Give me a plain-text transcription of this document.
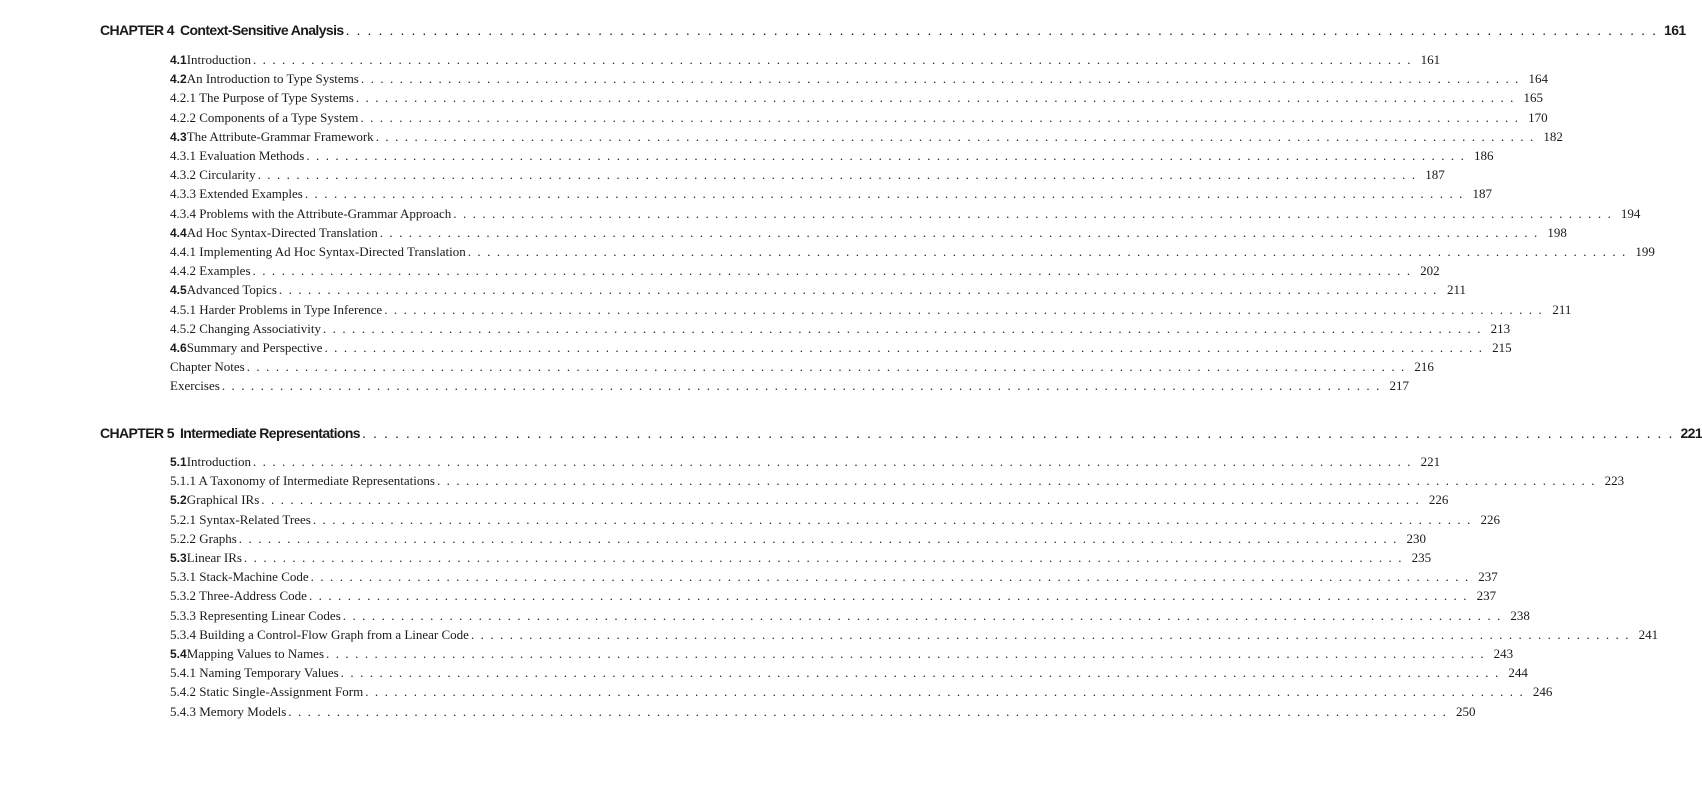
CHAPTER 4 Context-Sensitive Analysis . . . . . . . . . . . . . . . . . . . . . . . . . . . . . . . . . . . . . . . . . . . . . . . . . . . . . . . . . . . . . . . . . . . . . . . . . . . . . . . . . . . . . . . . . . . . . . . . . . . . . . . . . . . . . . . . . . . . . . . . 161
4.1 Introduction . . . . . . . . . . . . . . . . . . . . . . . . . . . . . . . . . . . . . . . . . . . . . . . . . . . . . . . . . . . . . . . . . . . . . . . . . . . . . . . . . . . . . . . . . . . . . . . . . . . . . . . . . . . . . . . . . . . . . . . . 161
4.2 An Introduction to Type Systems . . . . . . . . . . . . . . . . . . . . . . . . . . . . . . . . . . . . . . . . . . . . . . . . . . . . . . . . . . . . . . . . . . . . . . . . . . . . . . . . . . . . . . . . . . . . . . . . . . . . . . . . . . . . . . . . . . . . . . . . 164
4.2.1 The Purpose of Type Systems . . . . . . . . . . . . . . . . . . . . . . . . . . . . . . . . . . . . . . . . . . . . . . . . . . . . . . . . . . . . . . . . . . . . . . . . . . . . . . . . . . . . . . . . . . . . . . . . . . . . . . . . . . . . . . . . . . . . . . . . 165
4.2.2 Components of a Type System . . . . . . . . . . . . . . . . . . . . . . . . . . . . . . . . . . . . . . . . . . . . . . . . . . . . . . . . . . . . . . . . . . . . . . . . . . . . . . . . . . . . . . . . . . . . . . . . . . . . . . . . . . . . . . . . . . . . . . . . 170
4.3 The Attribute-Grammar Framework . . . . . . . . . . . . . . . . . . . . . . . . . . . . . . . . . . . . . . . . . . . . . . . . . . . . . . . . . . . . . . . . . . . . . . . . . . . . . . . . . . . . . . . . . . . . . . . . . . . . . . . . . . . . . . . . . . . . . . . . 182
4.3.1 Evaluation Methods . . . . . . . . . . . . . . . . . . . . . . . . . . . . . . . . . . . . . . . . . . . . . . . . . . . . . . . . . . . . . . . . . . . . . . . . . . . . . . . . . . . . . . . . . . . . . . . . . . . . . . . . . . . . . . . . . . . . . . . . 186
4.3.2 Circularity . . . . . . . . . . . . . . . . . . . . . . . . . . . . . . . . . . . . . . . . . . . . . . . . . . . . . . . . . . . . . . . . . . . . . . . . . . . . . . . . . . . . . . . . . . . . . . . . . . . . . . . . . . . . . . . . . . . . . . . . 187
4.3.3 Extended Examples . . . . . . . . . . . . . . . . . . . . . . . . . . . . . . . . . . . . . . . . . . . . . . . . . . . . . . . . . . . . . . . . . . . . . . . . . . . . . . . . . . . . . . . . . . . . . . . . . . . . . . . . . . . . . . . . . . . . . . . . 187
4.3.4 Problems with the Attribute-Grammar Approach . . . . . . . . . . . . . . . . . . . . . . . . . . . . . . . . . . . . . . . . . . . . . . . . . . . . . . . . . . . . . . . . . . . . . . . . . . . . . . . . . . . . . . . . . . . . . . . . . . . . . . . . . . . . . . . . . . . . . . . . 194
4.4 Ad Hoc Syntax-Directed Translation . . . . . . . . . . . . . . . . . . . . . . . . . . . . . . . . . . . . . . . . . . . . . . . . . . . . . . . . . . . . . . . . . . . . . . . . . . . . . . . . . . . . . . . . . . . . . . . . . . . . . . . . . . . . . . . . . . . . . . . . 198
4.4.1 Implementing Ad Hoc Syntax-Directed Translation . . . . . . . . . . . . . . . . . . . . . . . . . . . . . . . . . . . . . . . . . . . . . . . . . . . . . . . . . . . . . . . . . . . . . . . . . . . . . . . . . . . . . . . . . . . . . . . . . . . . . . . . . . . . . . . . . . . . . . . . 199
4.4.2 Examples . . . . . . . . . . . . . . . . . . . . . . . . . . . . . . . . . . . . . . . . . . . . . . . . . . . . . . . . . . . . . . . . . . . . . . . . . . . . . . . . . . . . . . . . . . . . . . . . . . . . . . . . . . . . . . . . . . . . . . . . 202
4.5 Advanced Topics . . . . . . . . . . . . . . . . . . . . . . . . . . . . . . . . . . . . . . . . . . . . . . . . . . . . . . . . . . . . . . . . . . . . . . . . . . . . . . . . . . . . . . . . . . . . . . . . . . . . . . . . . . . . . . . . . . . . . . . . 211
4.5.1 Harder Problems in Type Inference . . . . . . . . . . . . . . . . . . . . . . . . . . . . . . . . . . . . . . . . . . . . . . . . . . . . . . . . . . . . . . . . . . . . . . . . . . . . . . . . . . . . . . . . . . . . . . . . . . . . . . . . . . . . . . . . . . . . . . . . 211
4.5.2 Changing Associativity . . . . . . . . . . . . . . . . . . . . . . . . . . . . . . . . . . . . . . . . . . . . . . . . . . . . . . . . . . . . . . . . . . . . . . . . . . . . . . . . . . . . . . . . . . . . . . . . . . . . . . . . . . . . . . . . . . . . . . . . 213
4.6 Summary and Perspective . . . . . . . . . . . . . . . . . . . . . . . . . . . . . . . . . . . . . . . . . . . . . . . . . . . . . . . . . . . . . . . . . . . . . . . . . . . . . . . . . . . . . . . . . . . . . . . . . . . . . . . . . . . . . . . . . . . . . . . . 215
Chapter Notes . . . . . . . . . . . . . . . . . . . . . . . . . . . . . . . . . . . . . . . . . . . . . . . . . . . . . . . . . . . . . . . . . . . . . . . . . . . . . . . . . . . . . . . . . . . . . . . . . . . . . . . . . . . . . . . . . . . . . . . . 216
Exercises . . . . . . . . . . . . . . . . . . . . . . . . . . . . . . . . . . . . . . . . . . . . . . . . . . . . . . . . . . . . . . . . . . . . . . . . . . . . . . . . . . . . . . . . . . . . . . . . . . . . . . . . . . . . . . . . . . . . . . . . 217
CHAPTER 5 Intermediate Representations . . . . . . . . . . . . . . . . . . . . . . . . . . . . . . . . . . . . . . . . . . . . . . . . . . . . . . . . . . . . . . . . . . . . . . . . . . . . . . . . . . . . . . . . . . . . . . . . . . . . . . . . . . . . . . . . . . . . . . . . 221
5.1 Introduction . . . . . . . . . . . . . . . . . . . . . . . . . . . . . . . . . . . . . . . . . . . . . . . . . . . . . . . . . . . . . . . . . . . . . . . . . . . . . . . . . . . . . . . . . . . . . . . . . . . . . . . . . . . . . . . . . . . . . . . . 221
5.1.1 A Taxonomy of Intermediate Representations . . . . . . . . . . . . . . . . . . . . . . . . . . . . . . . . . . . . . . . . . . . . . . . . . . . . . . . . . . . . . . . . . . . . . . . . . . . . . . . . . . . . . . . . . . . . . . . . . . . . . . . . . . . . . . . . . . . . . . . . 223
5.2 Graphical IRs . . . . . . . . . . . . . . . . . . . . . . . . . . . . . . . . . . . . . . . . . . . . . . . . . . . . . . . . . . . . . . . . . . . . . . . . . . . . . . . . . . . . . . . . . . . . . . . . . . . . . . . . . . . . . . . . . . . . . . . . 226
5.2.1 Syntax-Related Trees . . . . . . . . . . . . . . . . . . . . . . . . . . . . . . . . . . . . . . . . . . . . . . . . . . . . . . . . . . . . . . . . . . . . . . . . . . . . . . . . . . . . . . . . . . . . . . . . . . . . . . . . . . . . . . . . . . . . . . . . 226
5.2.2 Graphs . . . . . . . . . . . . . . . . . . . . . . . . . . . . . . . . . . . . . . . . . . . . . . . . . . . . . . . . . . . . . . . . . . . . . . . . . . . . . . . . . . . . . . . . . . . . . . . . . . . . . . . . . . . . . . . . . . . . . . . . 230
5.3 Linear IRs . . . . . . . . . . . . . . . . . . . . . . . . . . . . . . . . . . . . . . . . . . . . . . . . . . . . . . . . . . . . . . . . . . . . . . . . . . . . . . . . . . . . . . . . . . . . . . . . . . . . . . . . . . . . . . . . . . . . . . . . 235
5.3.1 Stack-Machine Code . . . . . . . . . . . . . . . . . . . . . . . . . . . . . . . . . . . . . . . . . . . . . . . . . . . . . . . . . . . . . . . . . . . . . . . . . . . . . . . . . . . . . . . . . . . . . . . . . . . . . . . . . . . . . . . . . . . . . . . . 237
5.3.2 Three-Address Code . . . . . . . . . . . . . . . . . . . . . . . . . . . . . . . . . . . . . . . . . . . . . . . . . . . . . . . . . . . . . . . . . . . . . . . . . . . . . . . . . . . . . . . . . . . . . . . . . . . . . . . . . . . . . . . . . . . . . . . . 237
5.3.3 Representing Linear Codes . . . . . . . . . . . . . . . . . . . . . . . . . . . . . . . . . . . . . . . . . . . . . . . . . . . . . . . . . . . . . . . . . . . . . . . . . . . . . . . . . . . . . . . . . . . . . . . . . . . . . . . . . . . . . . . . . . . . . . . . 238
5.3.4 Building a Control-Flow Graph from a Linear Code . . . . . . . . . . . . . . . . . . . . . . . . . . . . . . . . . . . . . . . . . . . . . . . . . . . . . . . . . . . . . . . . . . . . . . . . . . . . . . . . . . . . . . . . . . . . . . . . . . . . . . . . . . . . . . . . . . . . . . . . 241
5.4 Mapping Values to Names . . . . . . . . . . . . . . . . . . . . . . . . . . . . . . . . . . . . . . . . . . . . . . . . . . . . . . . . . . . . . . . . . . . . . . . . . . . . . . . . . . . . . . . . . . . . . . . . . . . . . . . . . . . . . . . . . . . . . . . . 243
5.4.1 Naming Temporary Values . . . . . . . . . . . . . . . . . . . . . . . . . . . . . . . . . . . . . . . . . . . . . . . . . . . . . . . . . . . . . . . . . . . . . . . . . . . . . . . . . . . . . . . . . . . . . . . . . . . . . . . . . . . . . . . . . . . . . . . . 244
5.4.2 Static Single-Assignment Form . . . . . . . . . . . . . . . . . . . . . . . . . . . . . . . . . . . . . . . . . . . . . . . . . . . . . . . . . . . . . . . . . . . . . . . . . . . . . . . . . . . . . . . . . . . . . . . . . . . . . . . . . . . . . . . . . . . . . . . . 246
5.4.3 Memory Models . . . . . . . . . . . . . . . . . . . . . . . . . . . . . . . . . . . . . . . . . . . . . . . . . . . . . . . . . . . . . . . . . . . . . . . . . . . . . . . . . . . . . . . . . . . . . . . . . . . . . . . . . . . . . . . . . . . . . . . . 250
